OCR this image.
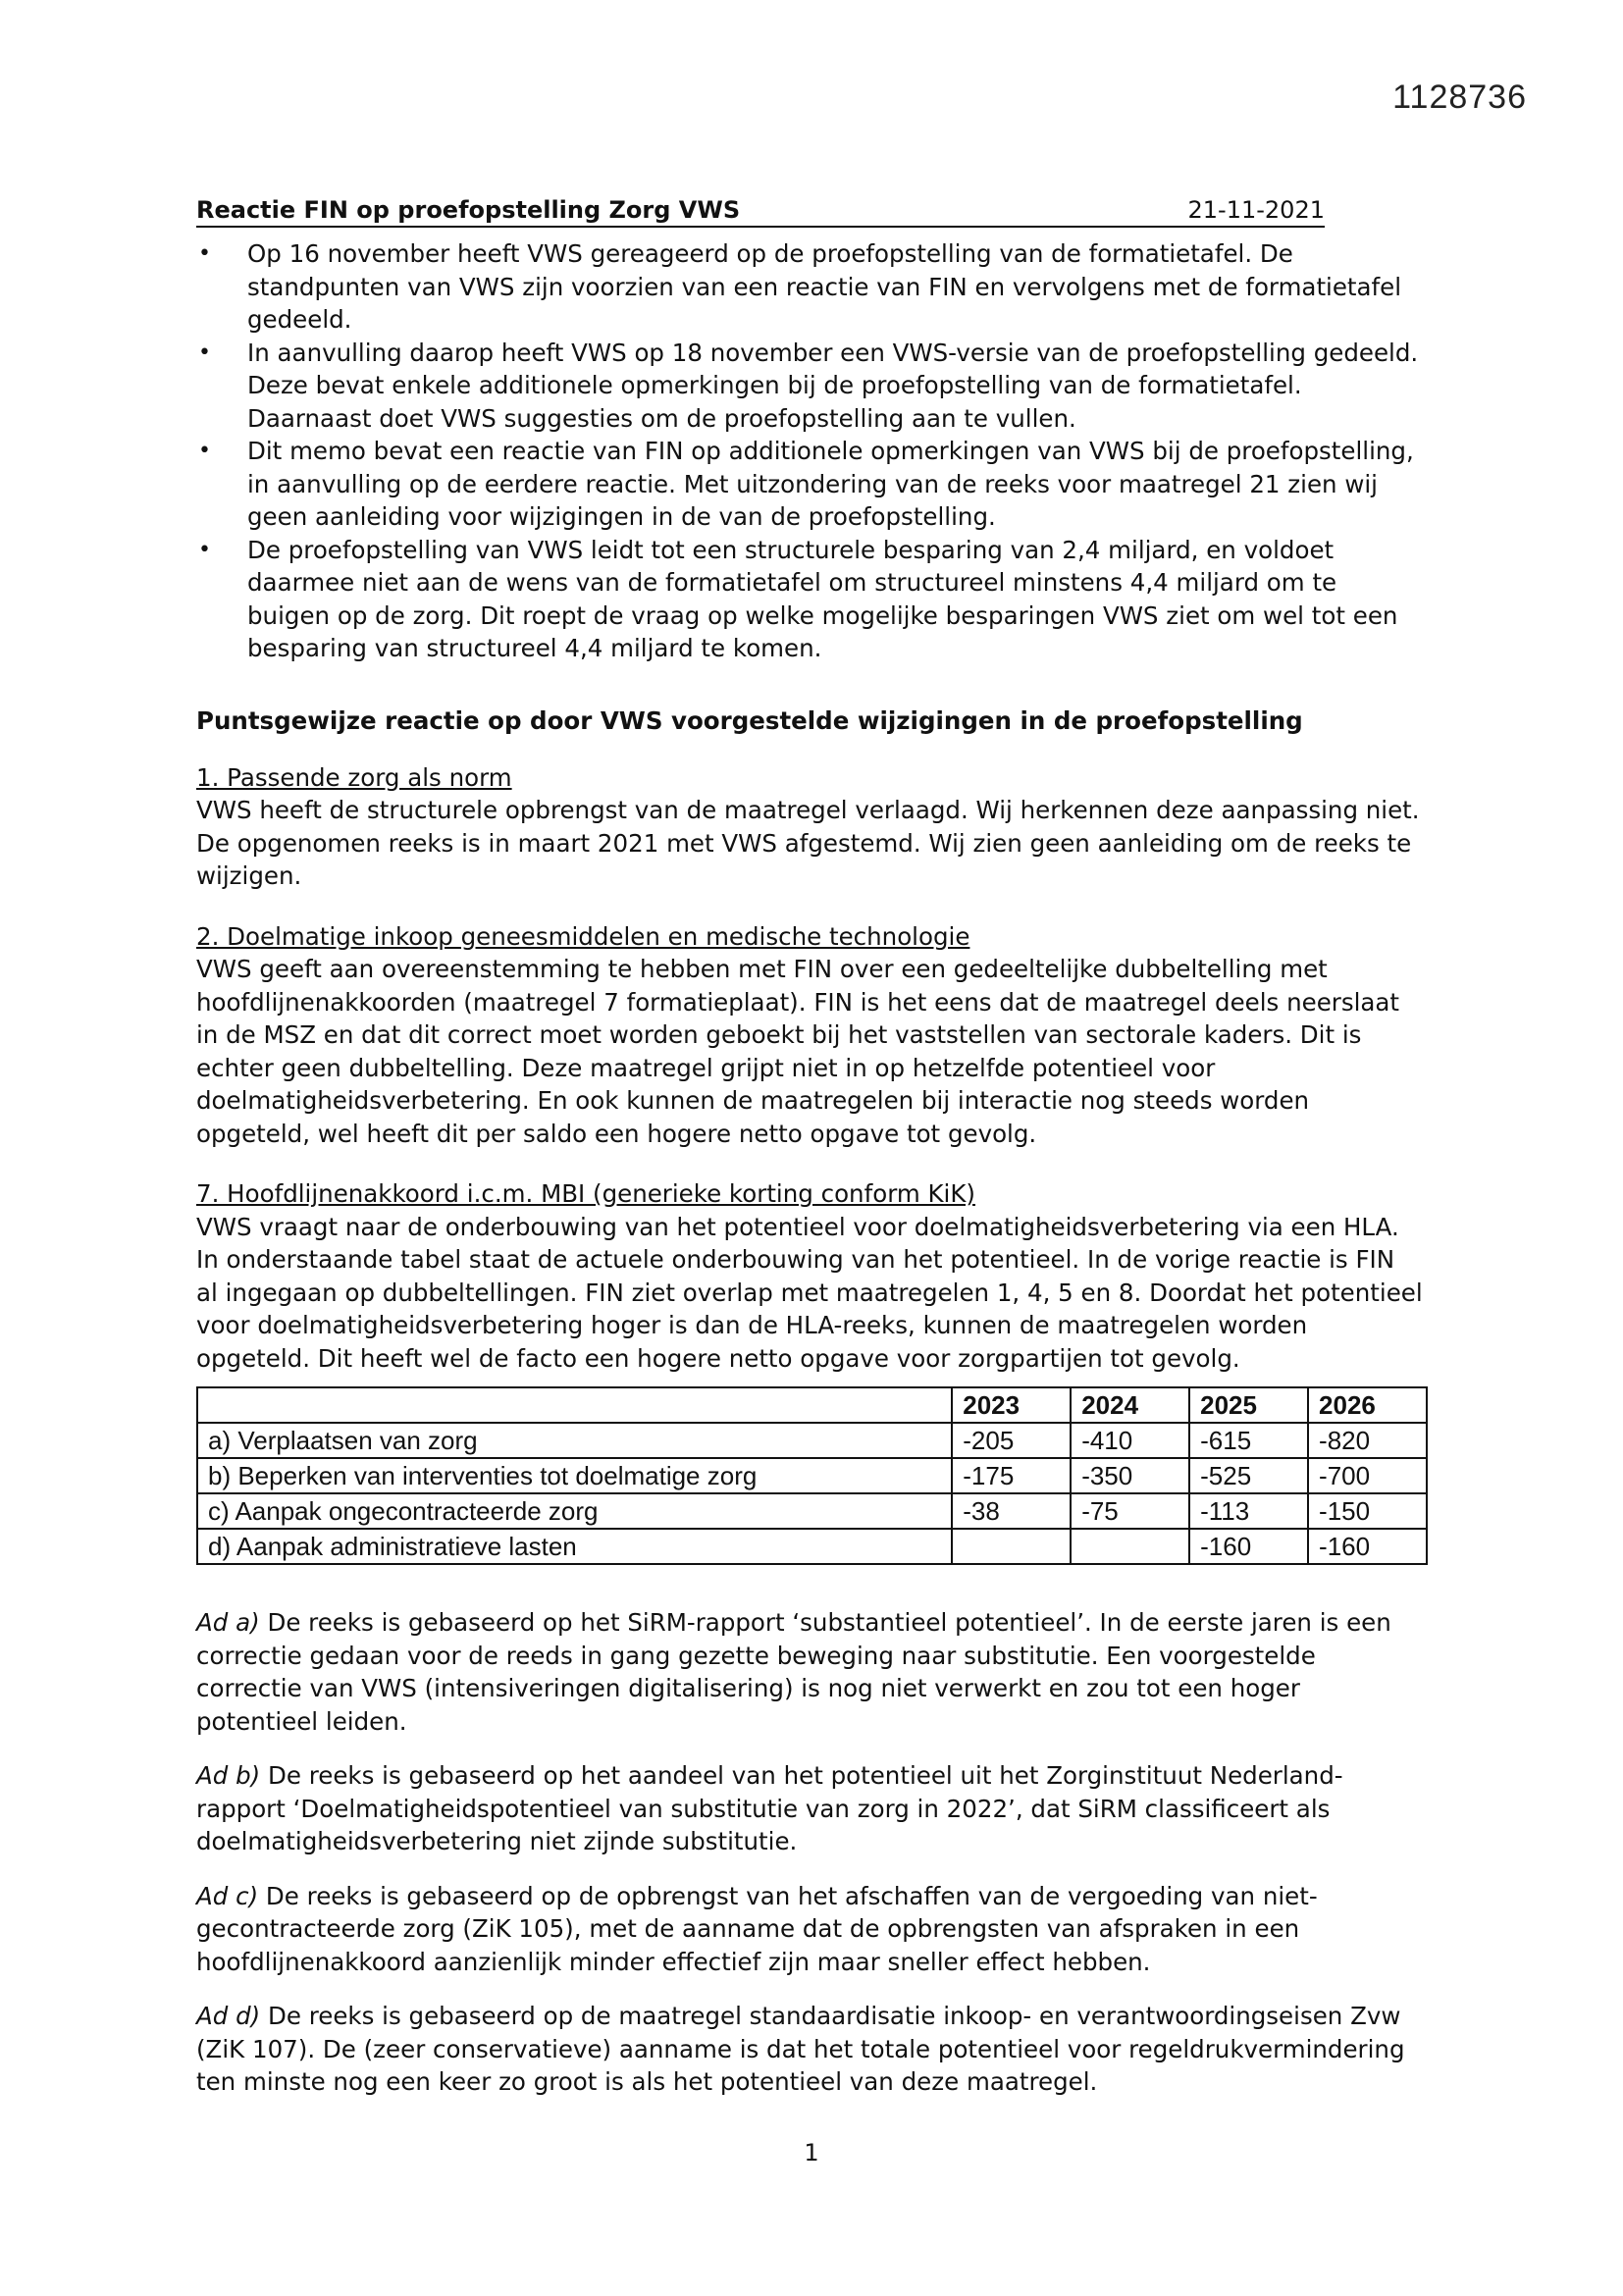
1128736
Reactie FIN op proefopstelling Zorg VWS	21-11-2021
• Op 16 november heeft VWS gereageerd op de proefopstelling van de formatietafel. De standpunten van VWS zijn voorzien van een reactie van FIN en vervolgens met de formatietafel gedeeld.
• In aanvulling daarop heeft VWS op 18 november een VWS-versie van de proefopstelling gedeeld. Deze bevat enkele additionele opmerkingen bij de proefopstelling van de formatietafel. Daarnaast doet VWS suggesties om de proefopstelling aan te vullen.
• Dit memo bevat een reactie van FIN op additionele opmerkingen van VWS bij de proefopstelling, in aanvulling op de eerdere reactie. Met uitzondering van de reeks voor maatregel 21 zien wij geen aanleiding voor wijzigingen in de van de proefopstelling.
• De proefopstelling van VWS leidt tot een structurele besparing van 2,4 miljard, en voldoet daarmee niet aan de wens van de formatietafel om structureel minstens 4,4 miljard om te buigen op de zorg. Dit roept de vraag op welke mogelijke besparingen VWS ziet om wel tot een besparing van structureel 4,4 miljard te komen.
Puntsgewijze reactie op door VWS voorgestelde wijzigingen in de proefopstelling
1. Passende zorg als norm

VWS heeft de structurele opbrengst van de maatregel verlaagd. Wij herkennen deze aanpassing niet. De opgenomen reeks is in maart 2021 met VWS afgestemd. Wij zien geen aanleiding om de reeks te wijzigen.

2. Doelmatige inkoop geneesmiddelen en medische technologie

VWS geeft aan overeenstemming te hebben met FIN over een gedeeltelijke dubbeltelling met hoofdlijnenakkoorden (maatregel 7 formatieplaat). FIN is het eens dat de maatregel deels neerslaat in de MSZ en dat dit correct moet worden geboekt bij het vaststellen van sectorale kaders. Dit is echter geen dubbeltelling. Deze maatregel grijpt niet in op hetzelfde potentieel voor doelmatigheidsverbetering. En ook kunnen de maatregelen bij interactie nog steeds worden opgeteld, wel heeft dit per saldo een hogere netto opgave tot gevolg.

7. Hoofdlijnenakkoord i.c.m. MBI (generieke korting conform KiK)

VWS vraagt naar de onderbouwing van het potentieel voor doelmatigheidsverbetering via een HLA. In onderstaande tabel staat de actuele onderbouwing van het potentieel. In de vorige reactie is FIN al ingegaan op dubbeltellingen. FIN ziet overlap met maatregelen 1, 4, 5 en 8. Doordat het potentieel voor doelmatigheidsverbetering hoger is dan de HLA-reeks, kunnen de maatregelen worden opgeteld. Dit heeft wel de facto een hogere netto opgave voor zorgpartijen tot gevolg.

	2023	2024	2025	2026
a) Verplaatsen van zorg	-205	-410	-615	-820
b) Beperken van interventies tot doelmatige zorg	-175	-350	-525	-700
c) Aanpak ongecontracteerde zorg	-38	-75	-113	-150
d) Aanpak administratieve lasten			-160	-160

Ad a) De reeks is gebaseerd op het SiRM-rapport ‘substantieel potentieel’. In de eerste jaren is een correctie gedaan voor de reeds in gang gezette beweging naar substitutie. Een voorgestelde correctie van VWS (intensiveringen digitalisering) is nog niet verwerkt en zou tot een hoger potentieel leiden.

Ad b) De reeks is gebaseerd op het aandeel van het potentieel uit het Zorginstituut Nederland-rapport ‘Doelmatigheidspotentieel van substitutie van zorg in 2022’, dat SiRM classificeert als doelmatigheidsverbetering niet zijnde substitutie.

Ad c) De reeks is gebaseerd op de opbrengst van het afschaffen van de vergoeding van niet-gecontracteerde zorg (ZiK 105), met de aanname dat de opbrengsten van afspraken in een hoofdlijnenakkoord aanzienlijk minder effectief zijn maar sneller effect hebben.

Ad d) De reeks is gebaseerd op de maatregel standaardisatie inkoop- en verantwoordingseisen Zvw (ZiK 107). De (zeer conservatieve) aanname is dat het totale potentieel voor regeldrukvermindering ten minste nog een keer zo groot is als het potentieel van deze maatregel.

1
